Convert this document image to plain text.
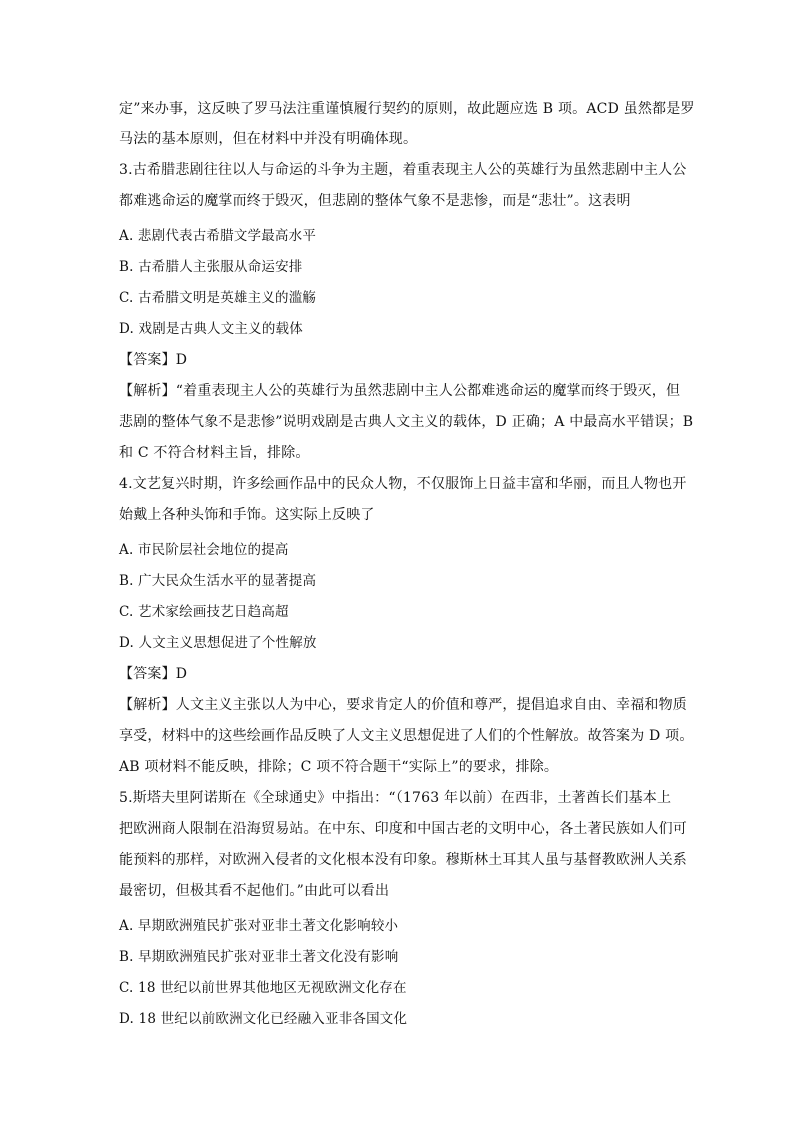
定”来办事，这反映了罗马法注重谨慎履行契约的原则，故此题应选 B 项。ACD 虽然都是罗
马法的基本原则，但在材料中并没有明确体现。
3.古希腊悲剧往往以人与命运的斗争为主题，着重表现主人公的英雄行为虽然悲剧中主人公
都难逃命运的魔掌而终于毁灭，但悲剧的整体气象不是悲惨，而是“悲壮”。这表明
A. 悲剧代表古希腊文学最高水平
B. 古希腊人主张服从命运安排
C. 古希腊文明是英雄主义的滥觞
D. 戏剧是古典人文主义的载体
【答案】D
【解析】“着重表现主人公的英雄行为虽然悲剧中主人公都难逃命运的魔掌而终于毁灭，但
悲剧的整体气象不是悲惨”说明戏剧是古典人文主义的载体，D 正确；A 中最高水平错误；B
和 C 不符合材料主旨，排除。
4.文艺复兴时期，许多绘画作品中的民众人物，不仅服饰上日益丰富和华丽，而且人物也开
始戴上各种头饰和手饰。这实际上反映了
A. 市民阶层社会地位的提高
B. 广大民众生活水平的显著提高
C. 艺术家绘画技艺日趋高超
D. 人文主义思想促进了个性解放
【答案】D
【解析】人文主义主张以人为中心，要求肯定人的价值和尊严，提倡追求自由、幸福和物质
享受，材料中的这些绘画作品反映了人文主义思想促进了人们的个性解放。故答案为 D 项。
AB 项材料不能反映，排除；C 项不符合题干“实际上”的要求，排除。
5.斯塔夫里阿诺斯在《全球通史》中指出：“（1763 年以前）在西非，土著酋长们基本上
把欧洲商人限制在沿海贸易站。在中东、印度和中国古老的文明中心，各土著民族如人们可
能预料的那样，对欧洲入侵者的文化根本没有印象。穆斯林土耳其人虽与基督教欧洲人关系
最密切，但极其看不起他们。”由此可以看出
A. 早期欧洲殖民扩张对亚非土著文化影响较小
B. 早期欧洲殖民扩张对亚非土著文化没有影响
C. 18 世纪以前世界其他地区无视欧洲文化存在
D. 18 世纪以前欧洲文化已经融入亚非各国文化
